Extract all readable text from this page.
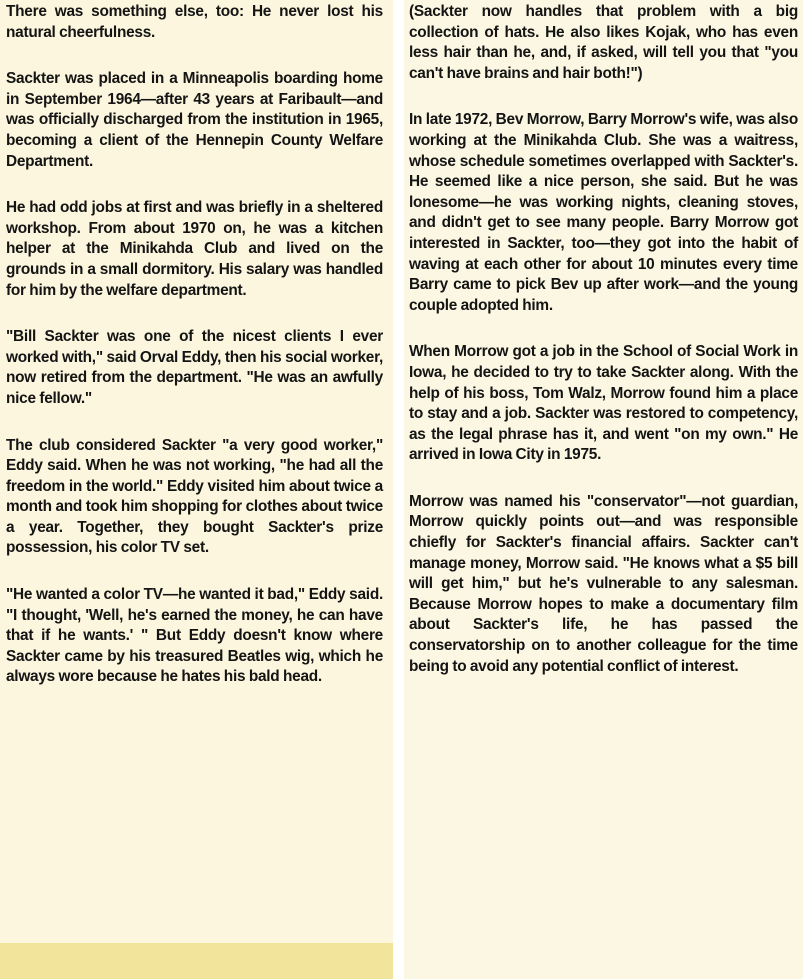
There was something else, too: He never lost his natural cheerfulness.

Sackter was placed in a Minneapolis boarding home in September 1964—after 43 years at Faribault—and was officially discharged from the institution in 1965, becoming a client of the Hennepin County Welfare Department.

He had odd jobs at first and was briefly in a sheltered workshop. From about 1970 on, he was a kitchen helper at the Minikahda Club and lived on the grounds in a small dormitory. His salary was handled for him by the welfare department.

"Bill Sackter was one of the nicest clients I ever worked with," said Orval Eddy, then his social worker, now retired from the department. "He was an awfully nice fellow."

The club considered Sackter "a very good worker," Eddy said. When he was not working, "he had all the freedom in the world." Eddy visited him about twice a month and took him shopping for clothes about twice a year. Together, they bought Sackter's prize possession, his color TV set.

"He wanted a color TV—he wanted it bad," Eddy said. "I thought, 'Well, he's earned the money, he can have that if he wants.' " But Eddy doesn't know where Sackter came by his treasured Beatles wig, which he always wore because he hates his bald head.

(Sackter now handles that problem with a big collection of hats. He also likes Kojak, who has even less hair than he, and, if asked, will tell you that "you can't have brains and hair both!")

In late 1972, Bev Morrow, Barry Morrow's wife, was also working at the Minikahda Club. She was a waitress, whose schedule sometimes overlapped with Sackter's. He seemed like a nice person, she said. But he was lonesome—he was working nights, cleaning stoves, and didn't get to see many people. Barry Morrow got interested in Sackter, too—they got into the habit of waving at each other for about 10 minutes every time Barry came to pick Bev up after work—and the young couple adopted him.

When Morrow got a job in the School of Social Work in Iowa, he decided to try to take Sackter along. With the help of his boss, Tom Walz, Morrow found him a place to stay and a job. Sackter was restored to competency, as the legal phrase has it, and went "on my own." He arrived in Iowa City in 1975.

Morrow was named his "conservator"—not guardian, Morrow quickly points out—and was responsible chiefly for Sackter's financial affairs. Sackter can't manage money, Morrow said. "He knows what a $5 bill will get him," but he's vulnerable to any salesman. Because Morrow hopes to make a documentary film about Sackter's life, he has passed the conservatorship on to another colleague for the time being to avoid any potential conflict of interest.
